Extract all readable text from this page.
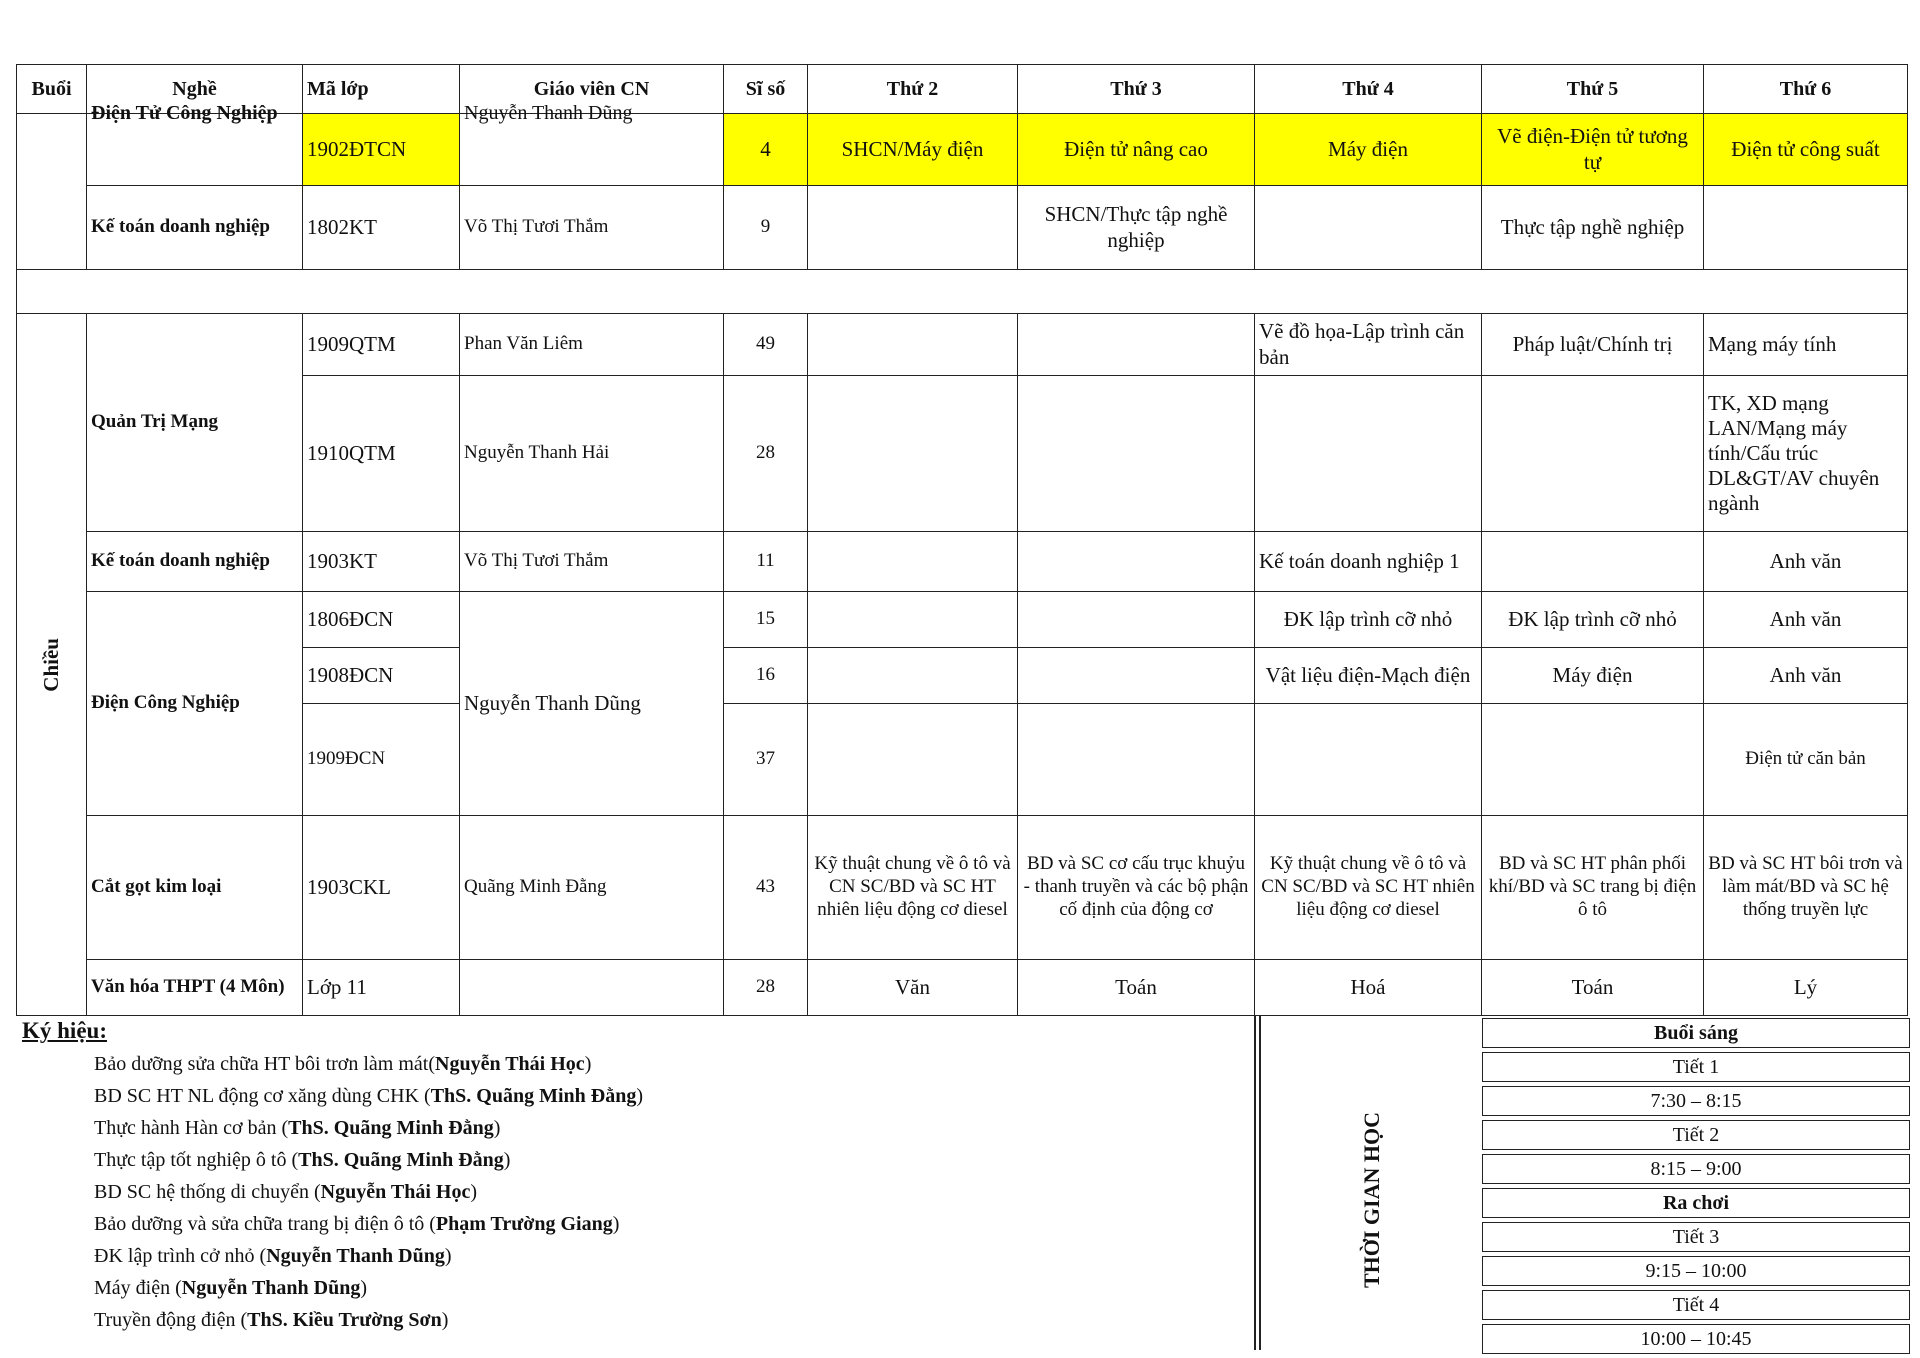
Buổi	Nghề	Mã lớp	Giáo viên CN	Sĩ số	Thứ 2	Thứ 3	Thứ 4	Thứ 5	Thứ 6

	Điện Tử Công Nghiệp	1902ĐTCN	Nguyễn Thanh Dũng	4	SHCN/Máy điện	Điện tử nâng cao	Máy điện	Vẽ điện-Điện tử tương tự	Điện tử công suất
	Kế toán doanh nghiệp	1802KT	Võ Thị Tươi Thắm	9		SHCN/Thực tập nghề nghiệp		Thực tập nghề nghiệp	

Chiều	Quản Trị Mạng	1909QTM	Phan Văn Liêm	49			Vẽ đồ họa-Lập trình căn bản	Pháp luật/Chính trị	Mạng máy tính
		1910QTM	Nguyễn Thanh Hải	28					TK, XD mạng LAN/Mạng máy tính/Cấu trúc DL&GT/AV chuyên ngành
	Kế toán doanh nghiệp	1903KT	Võ Thị Tươi Thắm	11			Kế toán doanh nghiệp 1		Anh văn
	Điện Công Nghiệp	1806ĐCN	Nguyễn Thanh Dũng	15			ĐK lập trình cỡ nhỏ	ĐK lập trình cỡ nhỏ	Anh văn
		1908ĐCN		16			Vật liệu điện-Mạch điện	Máy điện	Anh văn
		1909ĐCN		37					Điện tử căn bản
	Cắt gọt kim loại	1903CKL	Quãng Minh Đằng	43	Kỹ thuật chung về ô tô và CN SC/BD và SC HT nhiên liệu động cơ diesel	BD và SC cơ cấu trục khuỷu - thanh truyền và các bộ phận cố định của động cơ	Kỹ thuật chung về ô tô và CN SC/BD và SC HT nhiên liệu động cơ diesel	BD và SC HT phân phối khí/BD và SC trang bị điện ô tô	BD và SC HT bôi trơn và làm mát/BD và SC hệ thống truyền lực
	Văn hóa THPT (4 Môn)	Lớp 11		28	Văn	Toán	Hoá	Toán	Lý
Ký hiệu:
Bảo dưỡng sửa chữa HT bôi trơn làm mát(Nguyễn Thái Học)
BD SC HT NL động cơ xăng dùng CHK (ThS. Quãng Minh Đằng)
Thực hành Hàn cơ bản (ThS. Quãng Minh Đằng)
Thực tập tốt nghiệp ô tô (ThS. Quãng Minh Đằng)
BD SC hệ thống di chuyển (Nguyễn Thái Học)
Bảo dưỡng và sửa chữa trang bị điện ô tô (Phạm Trường Giang)
ĐK lập trình cở nhỏ (Nguyễn Thanh Dũng)
Máy điện (Nguyễn Thanh Dũng)
Truyền động điện (ThS. Kiều Trường Sơn)
THỜI GIAN HỌC
Buổi sáng
Tiết 1
7:30 – 8:15
Tiết 2
8:15 – 9:00
Ra chơi
Tiết 3
9:15 – 10:00
Tiết 4
10:00 – 10:45
